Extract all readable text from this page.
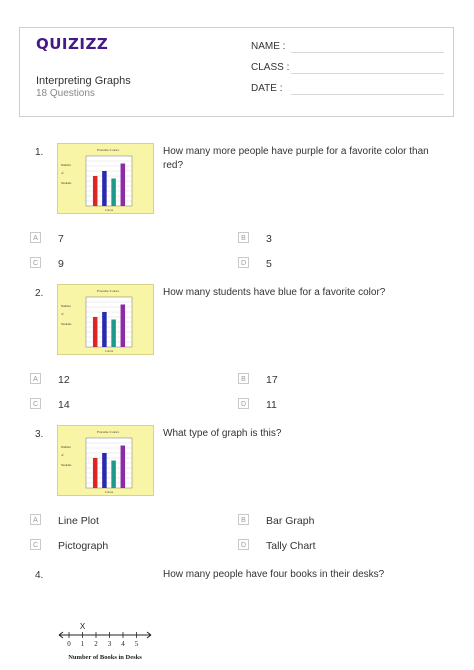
QUIZIZZ
Interpreting Graphs
18 Questions
NAME :
CLASS :
DATE :
1.	Favorite Colors
Number
of
Students
Colors
How many more people have purple for a favorite color than red?
A	7	B	3
C 9	D 5
2.	Favorite Colors
Number
of
Students
Colors
How many students have blue for a favorite color?
A	12	B	17
C 14	D 11
3.	Favorite Colors
Number
of
Students
Colors
What type of graph is this?
A	Line Plot	B	Bar Graph
C Pictograph	D Tally Chart
4.	How many people have four books in their desks?
0 1
X
2 3 4 5
Number of Books in Desks
